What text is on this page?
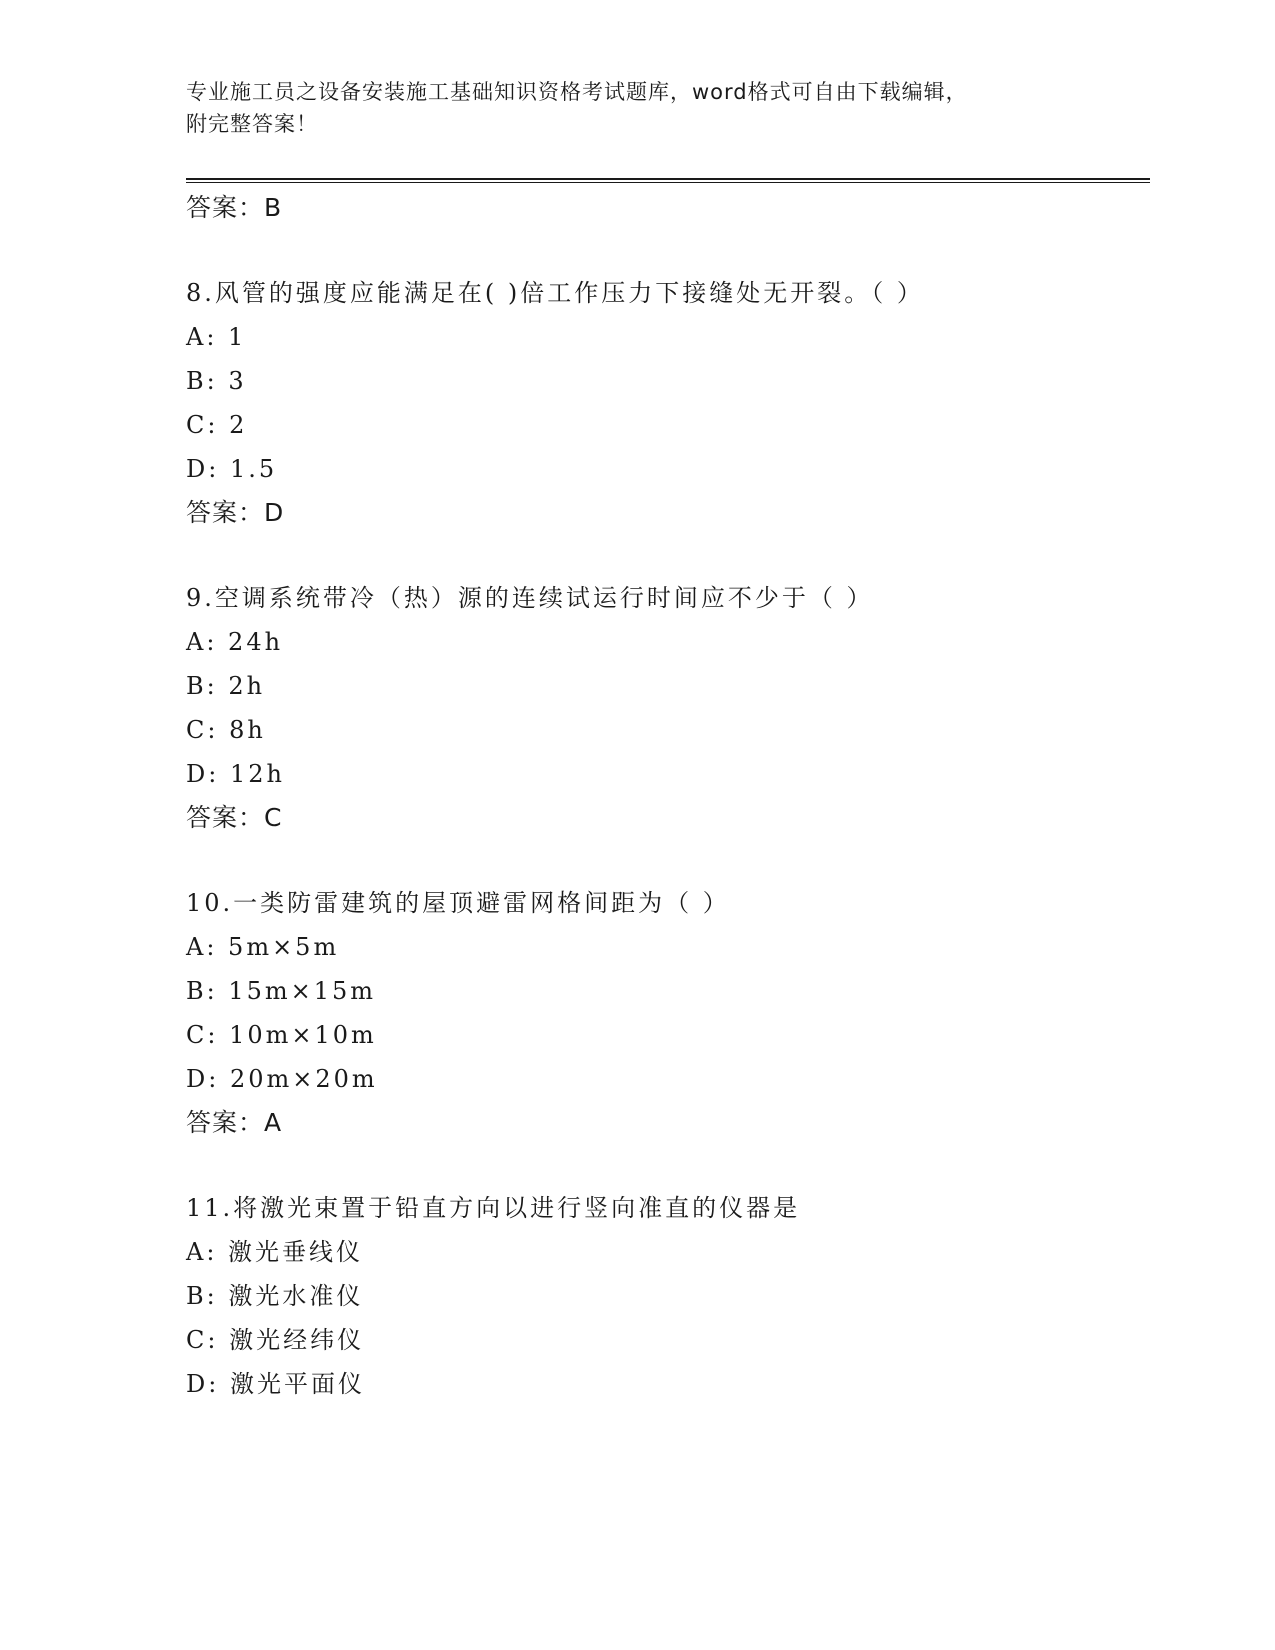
专业施工员之设备安装施工基础知识资格考试题库，word格式可自由下载编辑，
附完整答案！
答案：B
8.风管的强度应能满足在( )倍工作压力下接缝处无开裂。（ ）
A: 1
B: 3
C: 2
D: 1.5
答案：D
9.空调系统带冷（热）源的连续试运行时间应不少于（ ）
A: 24h
B: 2h
C: 8h
D: 12h
答案：C
10.一类防雷建筑的屋顶避雷网格间距为（ ）
A: 5m×5m
B: 15m×15m
C: 10m×10m
D: 20m×20m
答案：A
11.将激光束置于铅直方向以进行竖向准直的仪器是
A: 激光垂线仪
B: 激光水准仪
C: 激光经纬仪
D: 激光平面仪
